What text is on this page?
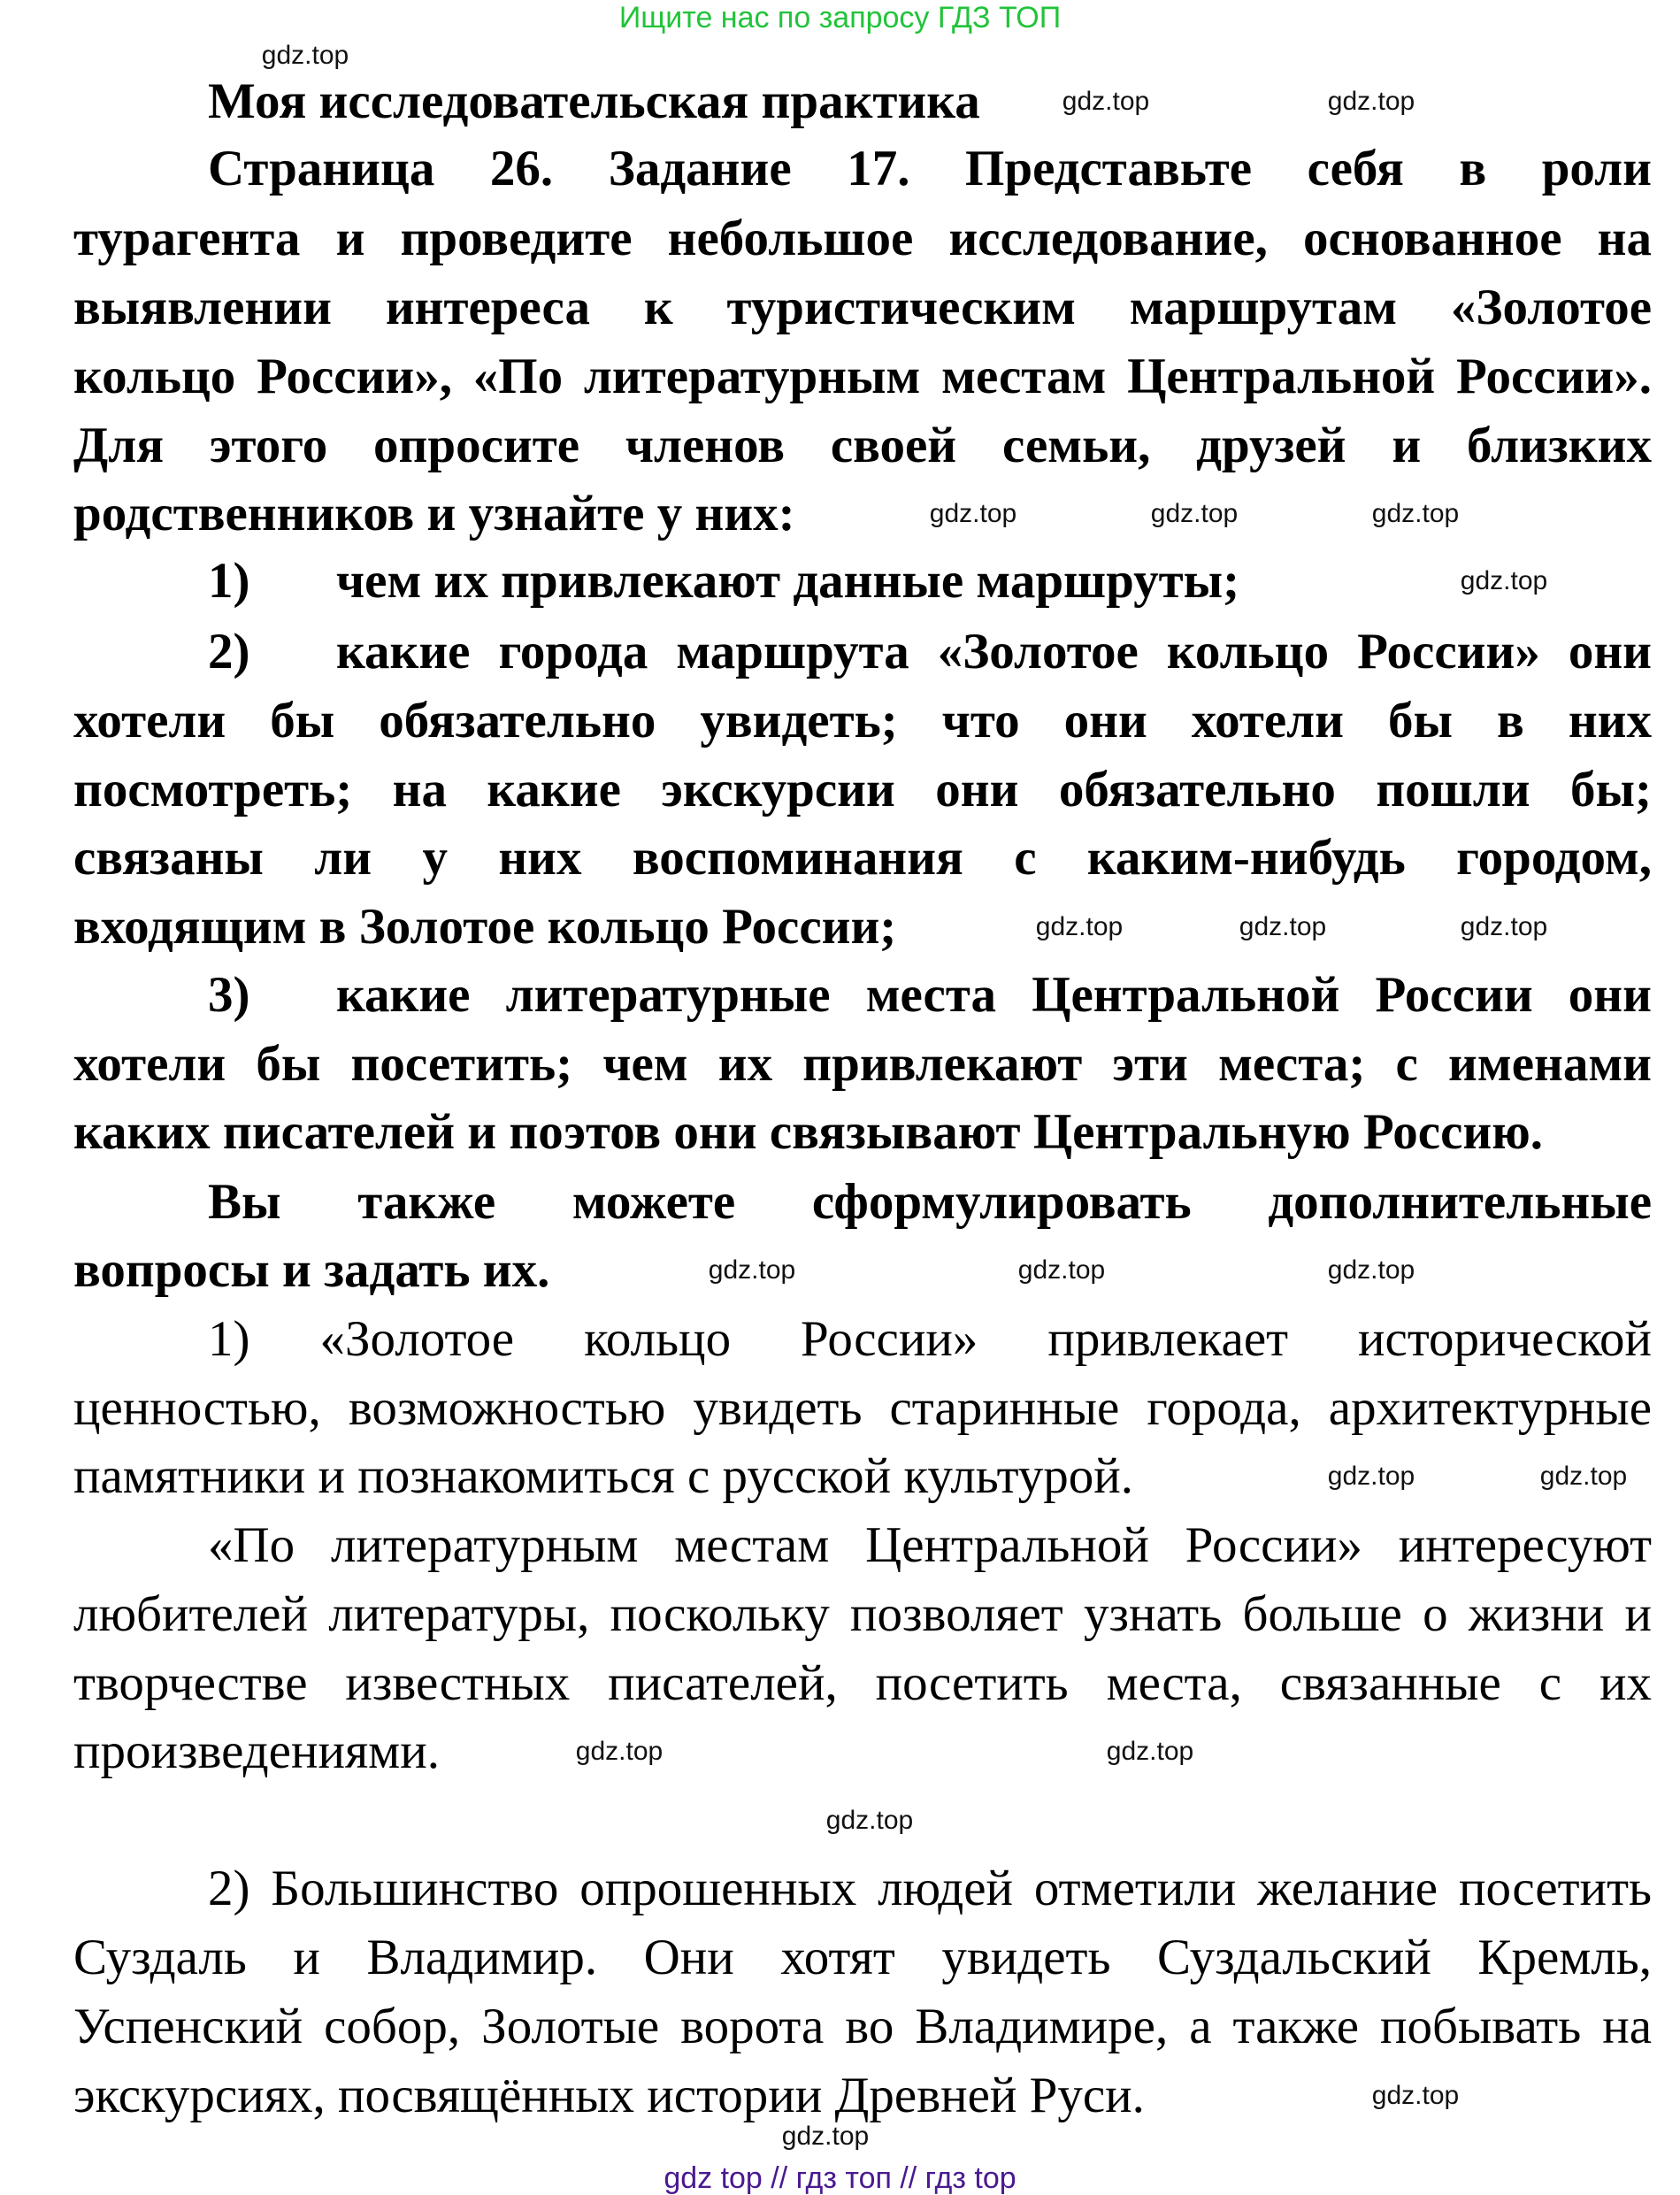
Ищите нас по запросу ГДЗ ТОП
Моя исследовательская практика
Страница 26. Задание 17. Представьте себя в роли
турагента и проведите небольшое исследование, основанное на
выявлении интереса к туристическим маршрутам «Золотое
кольцо России», «По литературным местам Центральной России».
Для этого опросите членов своей семьи, друзей и близких
родственников и узнайте у них:
1) чем их привлекают данные маршруты;
2) какие города маршрута «Золотое кольцо России» они
хотели бы обязательно увидеть; что они хотели бы в них
посмотреть; на какие экскурсии они обязательно пошли бы;
связаны ли у них воспоминания с каким-нибудь городом,
входящим в Золотое кольцо России;
3) какие литературные места Центральной России они
хотели бы посетить; чем их привлекают эти места; с именами
каких писателей и поэтов они связывают Центральную Россию.
Вы также можете сформулировать дополнительные
вопросы и задать их.
1) «Золотое кольцо России» привлекает исторической
ценностью, возможностью увидеть старинные города, архитектурные
памятники и познакомиться с русской культурой.
«По литературным местам Центральной России» интересуют
любителей литературы, поскольку позволяет узнать больше о жизни и
творчестве известных писателей, посетить места, связанные с их
произведениями.
2) Большинство опрошенных людей отметили желание посетить
Суздаль и Владимир. Они хотят увидеть Суздальский Кремль,
Успенский собор, Золотые ворота во Владимире, а также побывать на
экскурсиях, посвящённых истории Древней Руси.
gdz.top
gdz.top	gdz.top
gdz.top	gdz.top	gdz.top
gdz.top
gdz.top
gdz.top	gdz.top
gdz.top	gdz.top
gdz.top	gdz.top
gdz.top
gdz.top
gdz.top
gdz.top
gdz.top
gdz.top
gdz top // гдз топ // гдз top
